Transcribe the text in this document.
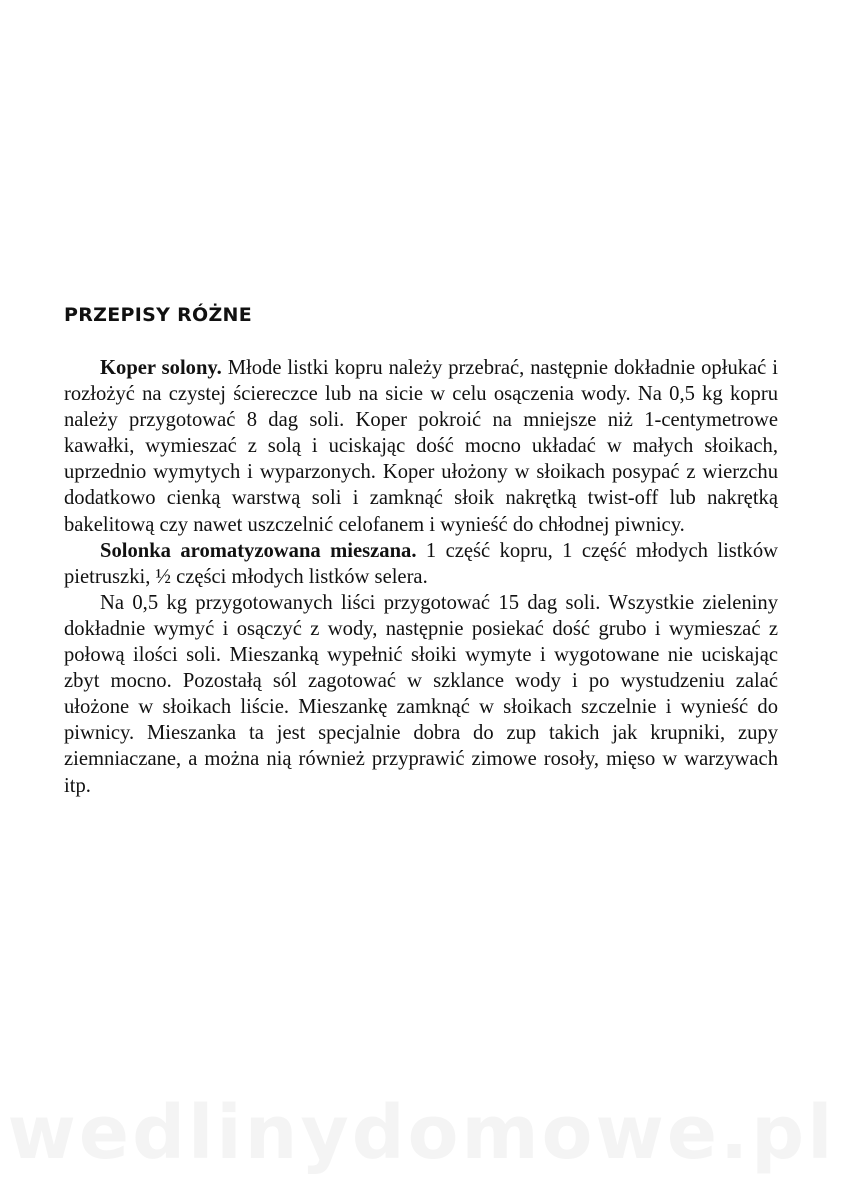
PRZEPISY RÓŻNE

Koper solony. Młode listki kopru należy przebrać, następnie dokładnie opłukać i rozłożyć na czystej ściereczce lub na sicie w celu osączenia wody. Na 0,5 kg kopru należy przygotować 8 dag soli. Koper pokroić na mniejsze niż 1-centymetrowe kawałki, wymieszać z solą i uciskając dość mocno układać w małych słoikach, uprzednio wymytych i wyparzonych. Koper ułożony w słoikach posypać z wierzchu dodatkowo cienką warstwą soli i zamknąć słoik nakrętką twist-off lub nakrętką bakelitową czy nawet uszczelnić celofanem i wynieść do chłodnej piwnicy.

Solonka aromatyzowana mieszana. 1 część kopru, 1 część młodych listków pietruszki, ½ części młodych listków selera.

Na 0,5 kg przygotowanych liści przygotować 15 dag soli. Wszystkie zieleniny dokładnie wymyć i osączyć z wody, następnie posiekać dość grubo i wymieszać z połową ilości soli. Mieszanką wypełnić słoiki wymyte i wygotowane nie uciskając zbyt mocno. Pozostałą sól zagotować w szklance wody i po wystudzeniu zalać ułożone w słoikach liście. Mieszankę zamknąć w słoikach szczelnie i wynieść do piwnicy. Mieszanka ta jest specjalnie dobra do zup takich jak krupniki, zupy ziemniaczane, a można nią również przyprawić zimowe rosoły, mięso w warzywach itp.

wedlinydomowe.pl
